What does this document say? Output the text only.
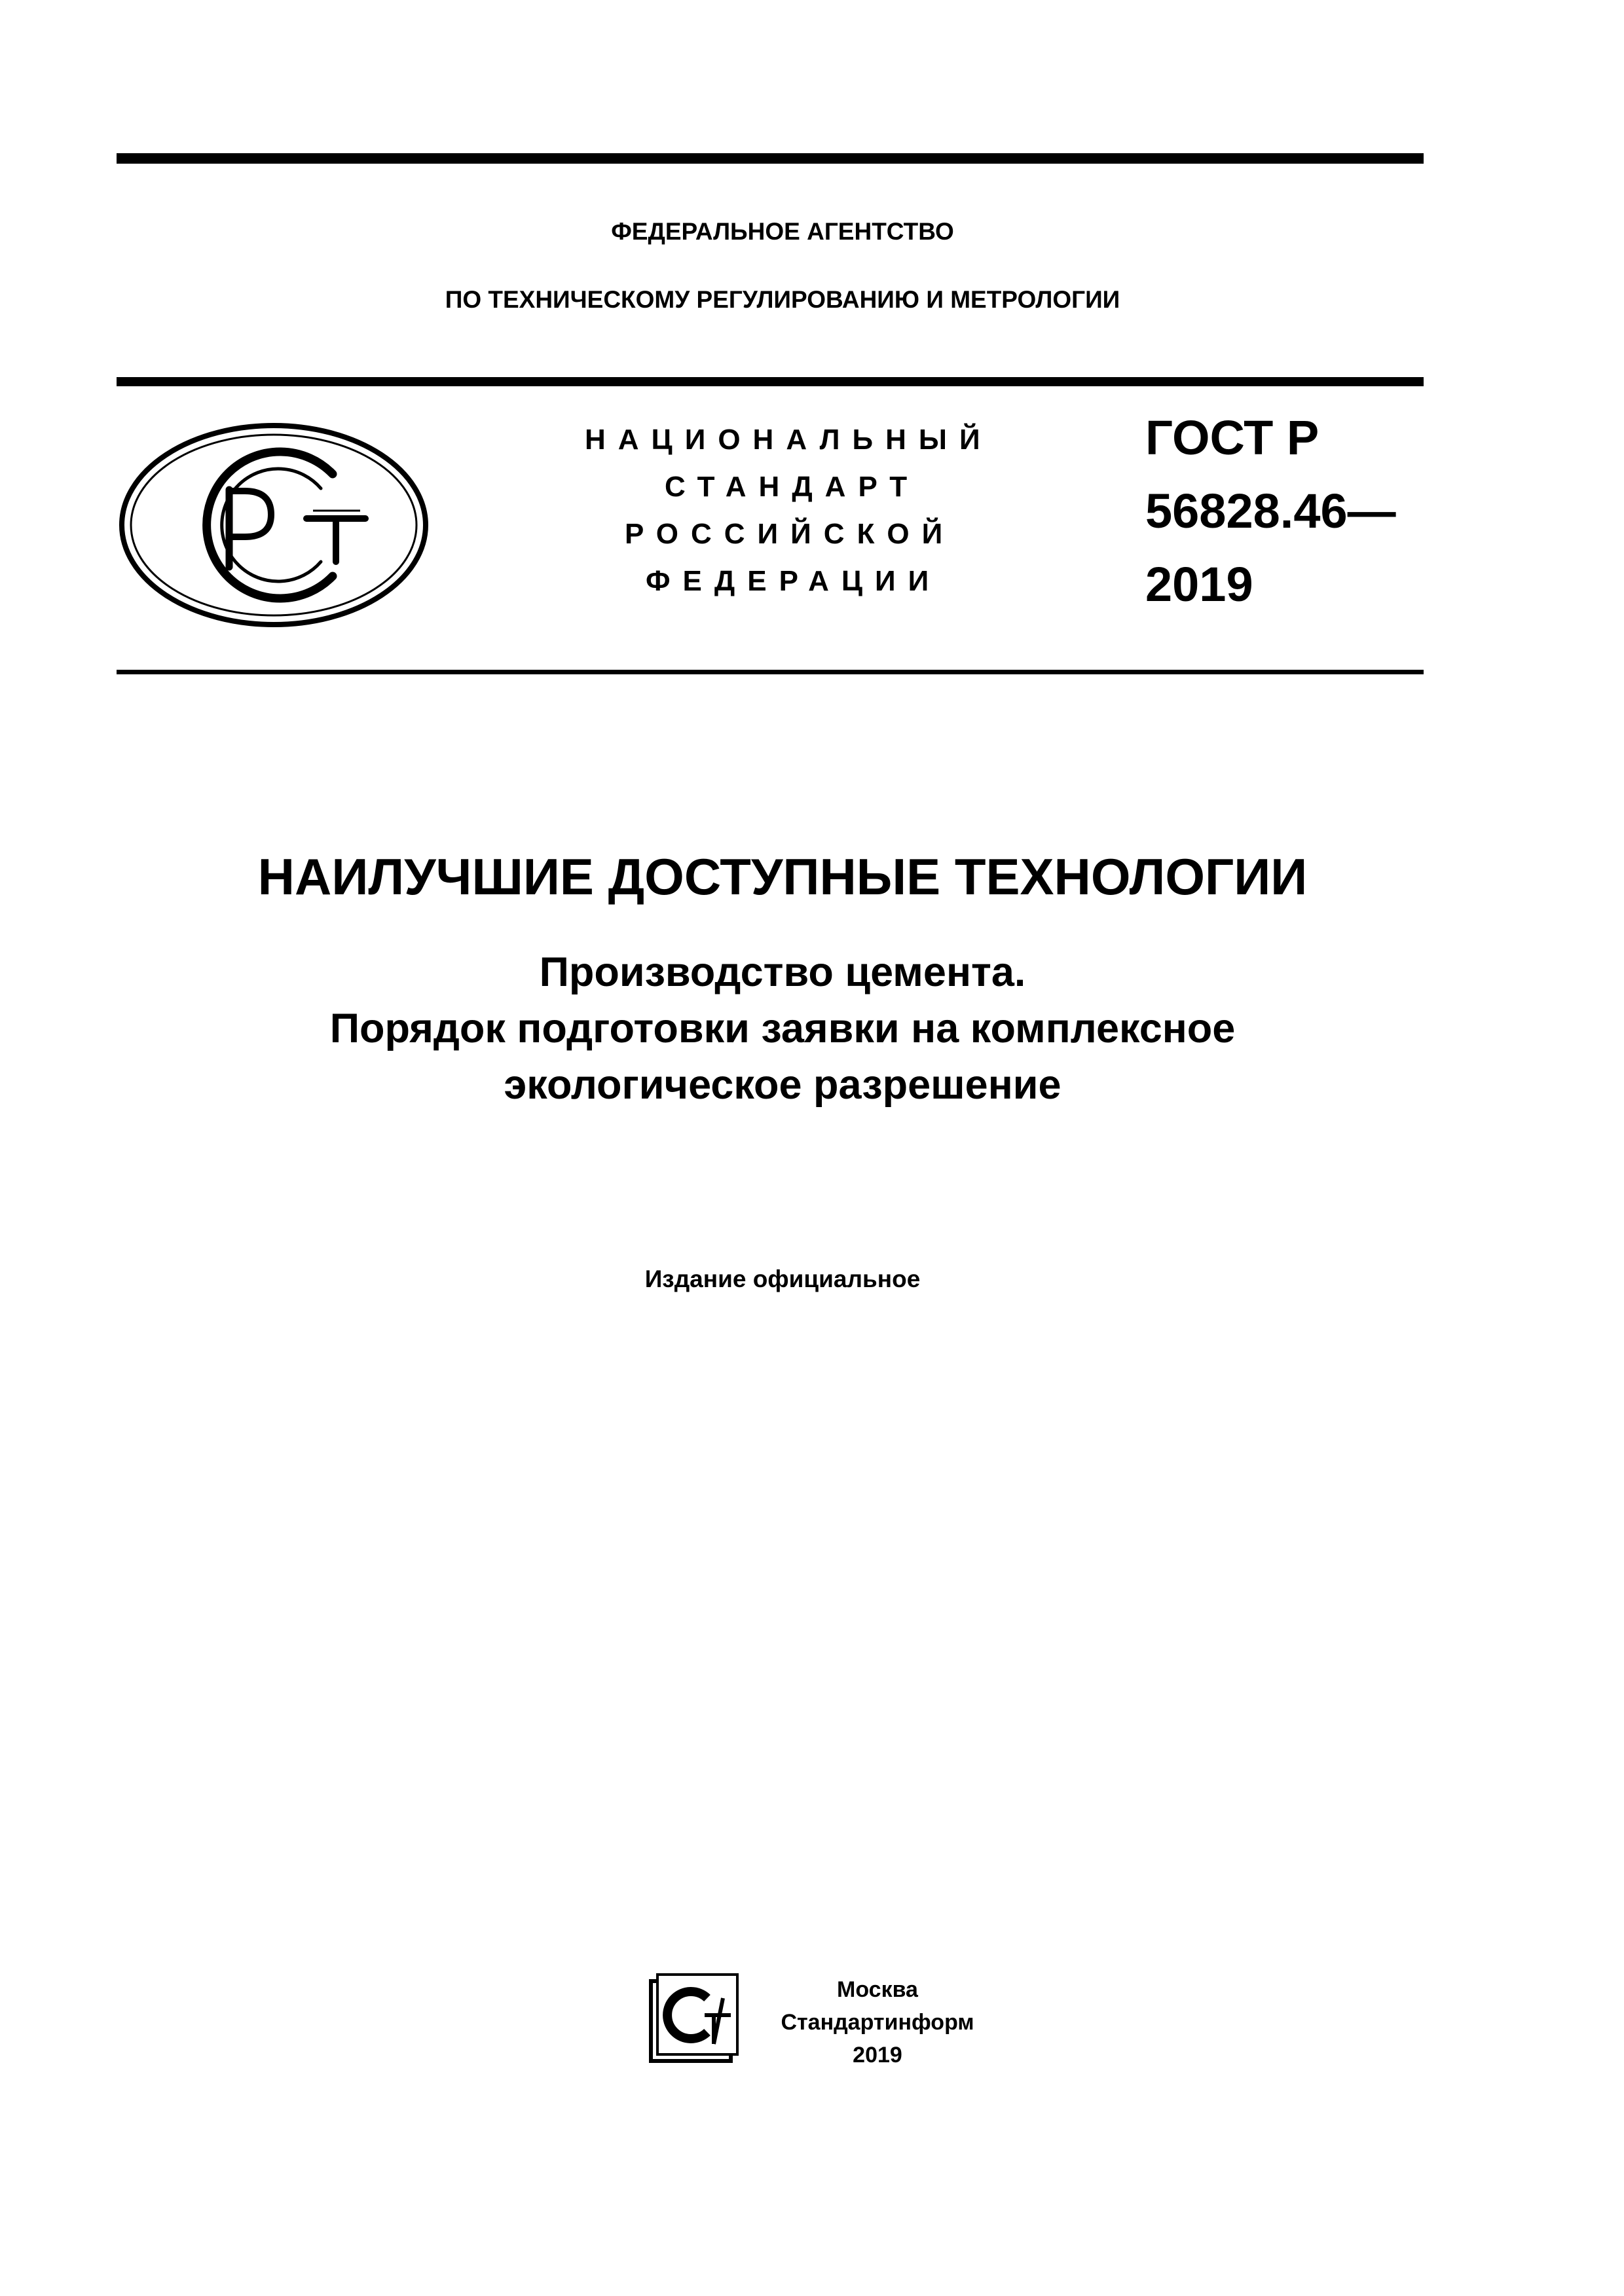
ФЕДЕРАЛЬНОЕ АГЕНТСТВО
ПО ТЕХНИЧЕСКОМУ РЕГУЛИРОВАНИЮ И МЕТРОЛОГИИ
НАЦИОНАЛЬНЫЙ
СТАНДАРТ
РОССИЙСКОЙ
ФЕДЕРАЦИИ
ГОСТ Р
56828.46—
2019
НАИЛУЧШИЕ ДОСТУПНЫЕ ТЕХНОЛОГИИ
Производство цемента.
Порядок подготовки заявки на комплексное
экологическое разрешение
Издание официальное
Москва
Стандартинформ
2019
